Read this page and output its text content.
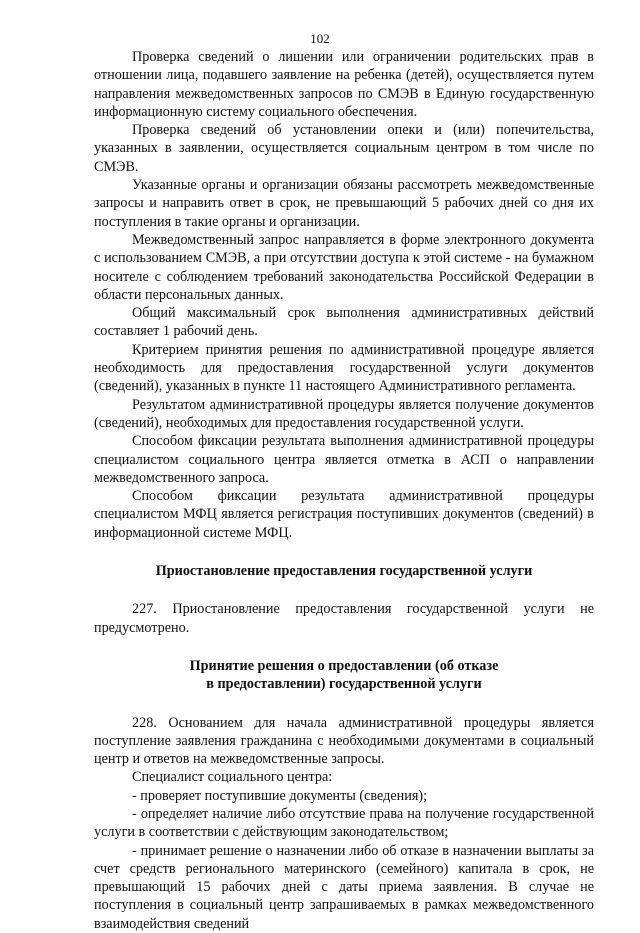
102

Проверка сведений о лишении или ограничении родительских прав в отношении лица, подавшего заявление на ребенка (детей), осуществляется путем направления межведомственных запросов по СМЭВ в Единую государственную информационную систему социального обеспечения.

Проверка сведений об установлении опеки и (или) попечительства, указанных в заявлении, осуществляется социальным центром в том числе по СМЭВ.

Указанные органы и организации обязаны рассмотреть межведомственные запросы и направить ответ в срок, не превышающий 5 рабочих дней со дня их поступления в такие органы и организации.

Межведомственный запрос направляется в форме электронного документа с использованием СМЭВ, а при отсутствии доступа к этой системе - на бумажном носителе с соблюдением требований законодательства Российской Федерации в области персональных данных.

Общий максимальный срок выполнения административных действий составляет 1 рабочий день.

Критерием принятия решения по административной процедуре является необходимость для предоставления государственной услуги документов (сведений), указанных в пункте 11 настоящего Административного регламента.

Результатом административной процедуры является получение документов (сведений), необходимых для предоставления государственной услуги.

Способом фиксации результата выполнения административной процедуры специалистом социального центра является отметка в АСП о направлении межведомственного запроса.

Способом фиксации результата административной процедуры специалистом МФЦ является регистрация поступивших документов (сведений) в информационной системе МФЦ.

Приостановление предоставления государственной услуги

227. Приостановление предоставления государственной услуги не предусмотрено.

Принятие решения о предоставлении (об отказе

в предоставлении) государственной услуги

228. Основанием для начала административной процедуры является поступление заявления гражданина с необходимыми документами в социальный центр и ответов на межведомственные запросы.

Специалист социального центра:

- проверяет поступившие документы (сведения);

- определяет наличие либо отсутствие права на получение государственной услуги в соответствии с действующим законодательством;

- принимает решение о назначении либо об отказе в назначении выплаты за счет средств регионального материнского (семейного) капитала в срок, не превышающий 15 рабочих дней с даты приема заявления. В случае не поступления в социальный центр запрашиваемых в рамках межведомственного взаимодействия сведений
